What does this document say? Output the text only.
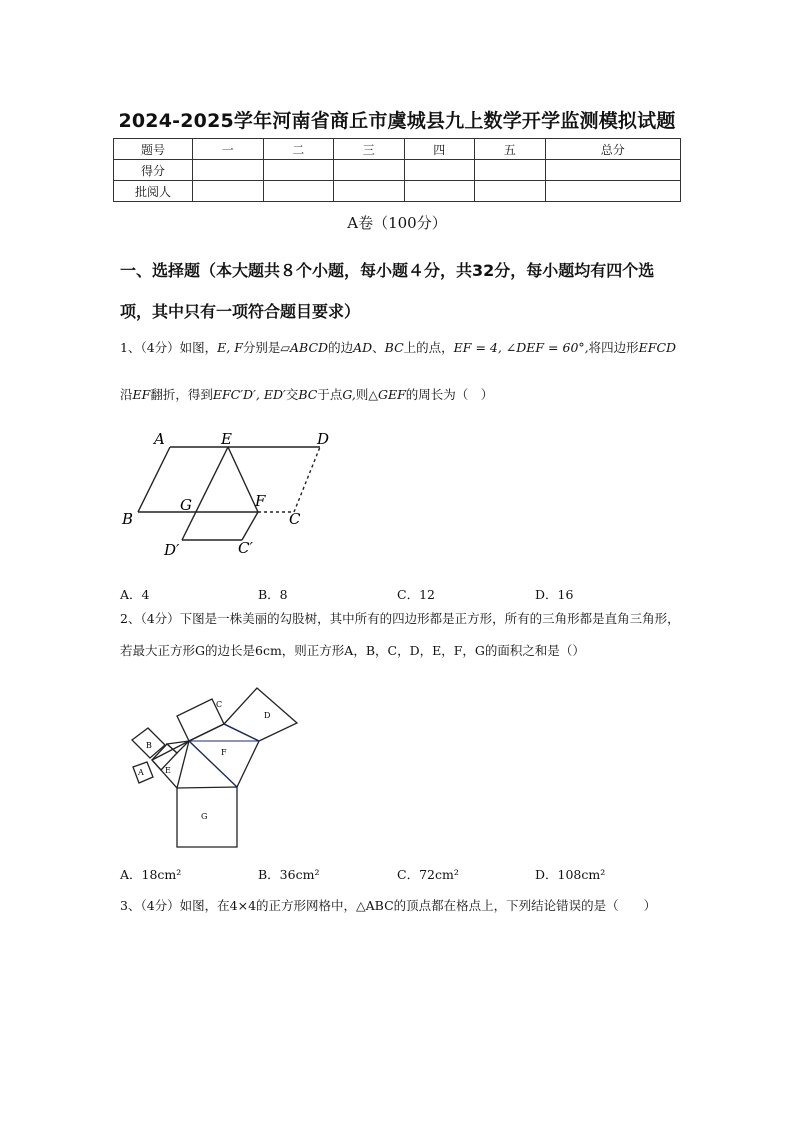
2024-2025学年河南省商丘市虞城县九上数学开学监测模拟试题
题号	一	二	三	四	五	总分
得分						
批阅人						
A卷（100分）
一、选择题（本大题共８个小题，每小题４分，共32分，每小题均有四个选项，其中只有一项符合题目要求）
1、（4分）如图，E, F分别是▱ABCD的边AD、BC上的点，EF = 4, ∠DEF = 60°,将四边形EFCD沿EF翻折，得到EFC′D′, ED′交BC于点G,则△GEF的周长为（　）
A	E	D
B
G	F
C
D′	C′
A．4	B．8	C．12	D．16
2、（4分）下图是一株美丽的勾股树，其中所有的四边形都是正方形，所有的三角形都是直角三角形，若最大正方形G的边长是6cm，则正方形A，B，C，D，E，F，G的面积之和是（）
A
B
C
D
E
F
G
A．18cm²	B．36cm²	C．72cm²	D．108cm²
3、（4分）如图，在4×4的正方形网格中，△ABC的顶点都在格点上，下列结论错误的是（　　）
